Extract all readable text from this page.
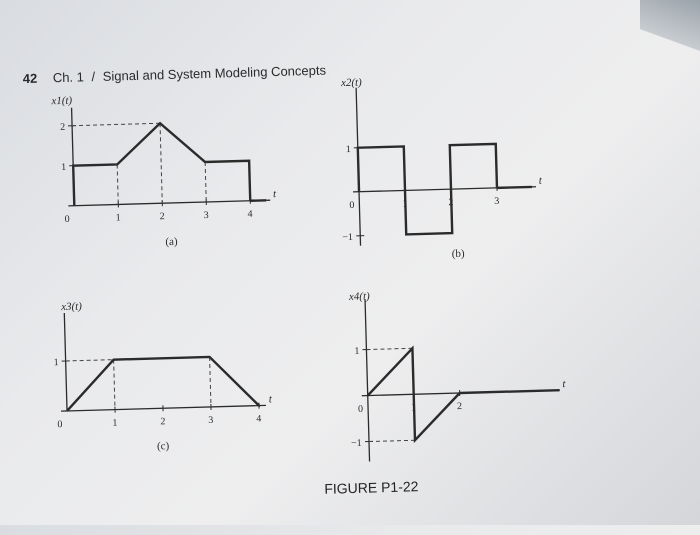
42 Ch. 1 / Signal and System Modeling Concepts
t
x1(t)
(a)
0	1	2	3	4
1
2
t
x2(t)
(b)
0	1	2	3
1
−1
t
x3(t)
(c)
0	1	2	3	4
1
t
x4(t)
0	1	2
1
−1
FIGURE P1-22
